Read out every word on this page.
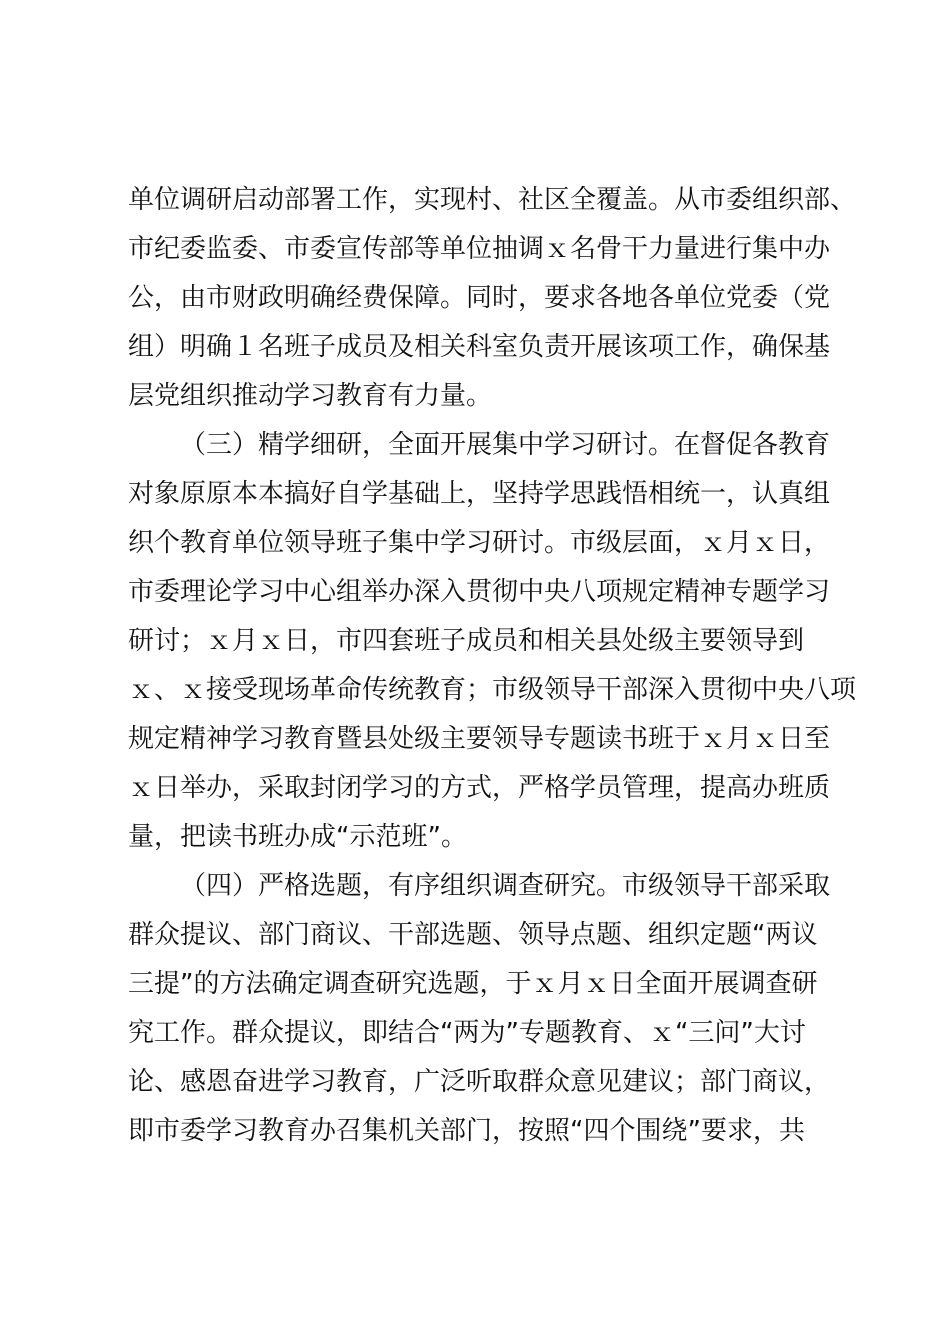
单位调研启动部署工作，实现村、社区全覆盖。从市委组织部、
市纪委监委、市委宣传部等单位抽调ｘ名骨干力量进行集中办
公，由市财政明确经费保障。同时，要求各地各单位党委（党
组）明确１名班子成员及相关科室负责开展该项工作，确保基
层党组织推动学习教育有力量。
（三）精学细研，全面开展集中学习研讨。在督促各教育
对象原原本本搞好自学基础上，坚持学思践悟相统一，认真组
织个教育单位领导班子集中学习研讨。市级层面，ｘ月ｘ日，
市委理论学习中心组举办深入贯彻中央八项规定精神专题学习
研讨；ｘ月ｘ日，市四套班子成员和相关县处级主要领导到
ｘ、ｘ接受现场革命传统教育；市级领导干部深入贯彻中央八项
规定精神学习教育暨县处级主要领导专题读书班于ｘ月ｘ日至
ｘ日举办，采取封闭学习的方式，严格学员管理，提高办班质
量，把读书班办成“示范班”。
（四）严格选题，有序组织调查研究。市级领导干部采取
群众提议、部门商议、干部选题、领导点题、组织定题“两议
三提”的方法确定调查研究选题，于ｘ月ｘ日全面开展调查研
究工作。群众提议，即结合“两为”专题教育、ｘ“三问”大讨
论、感恩奋进学习教育，广泛听取群众意见建议；部门商议，
即市委学习教育办召集机关部门，按照“四个围绕”要求，共
